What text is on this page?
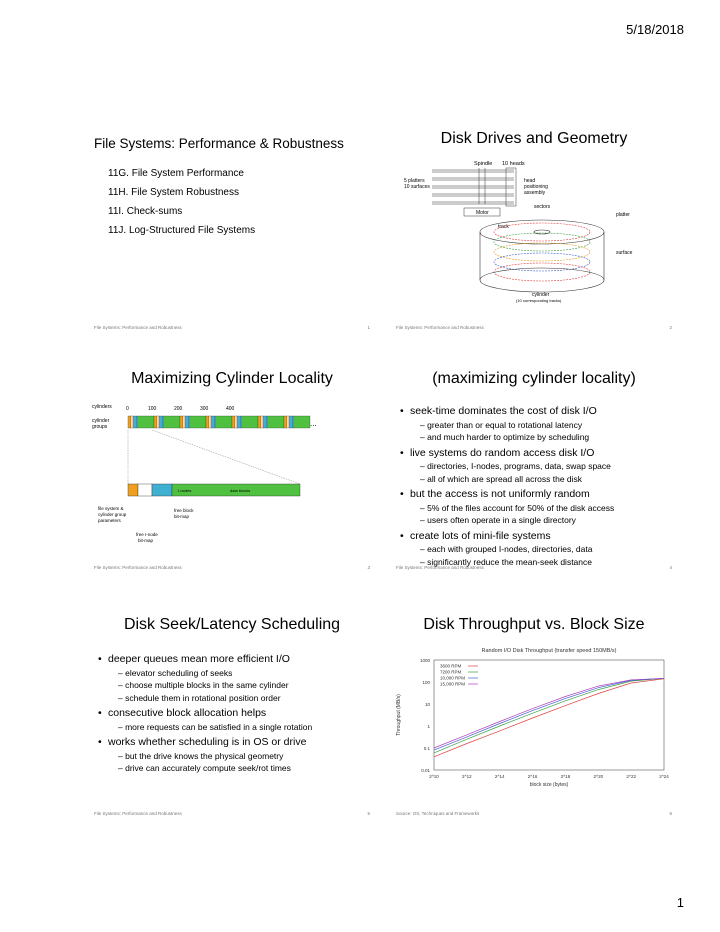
5/18/2018
File Systems: Performance & Robustness
11G. File System Performance
11H. File System Robustness
11I. Check-sums
11J. Log-Structured File Systems
File Systems: Performance and Robustness	1
Disk Drives and Geometry
Spindle 10 heads
5 platters
10 surfaces
head
positioning
assembly
Motor
sectors
platter
track
surface
cylinder
(10 corresponding tracks)
File Systems: Performance and Robustness	2
Maximizing Cylinder Locality
cylinders	0	100	200	300	400
cylinder
groups	...
I-nodes	data blocks
file system &
cylinder group
parameters
free block
bit-map
free I-node
bit-map
File Systems: Performance and Robustness	3
(maximizing cylinder locality)
• seek-time dominates the cost of disk I/O
– greater than or equal to rotational latency
– and much harder to optimize by scheduling
• live systems do random access disk I/O
– directories, I-nodes, programs, data, swap space
– all of which are spread all across the disk
• but the access is not uniformly random
– 5% of the files account for 50% of the disk access
– users often operate in a single directory
• create lots of mini-file systems
– each with grouped I-nodes, directories, data
– significantly reduce the mean-seek distance
File Systems: Performance and Robustness	4
Disk Seek/Latency Scheduling
• deeper queues mean more efficient I/O
– elevator scheduling of seeks
– choose multiple blocks in the same cylinder
– schedule them in rotational position order
• consecutive block allocation helps
– more requests can be satisfied in a single rotation
• works whether scheduling is in OS or drive
– but the drive knows the physical geometry
– drive can accurately compute seek/rot times
File Systems: Performance and Robustness	5
Disk Throughput vs. Block Size
Random I/O Disk Throughput (transfer speed 150MB/s)
1000
100
10
1
0.1
0.01
2^10	2^12	2^14	2^16	2^18	2^20	2^22	2^24
block size (bytes)
Throughput (MB/s)
3600 RPM
7200 RPM
10,000 RPM
15,000 RPM
Source: OS, Techniques and Frameworks	6
1
